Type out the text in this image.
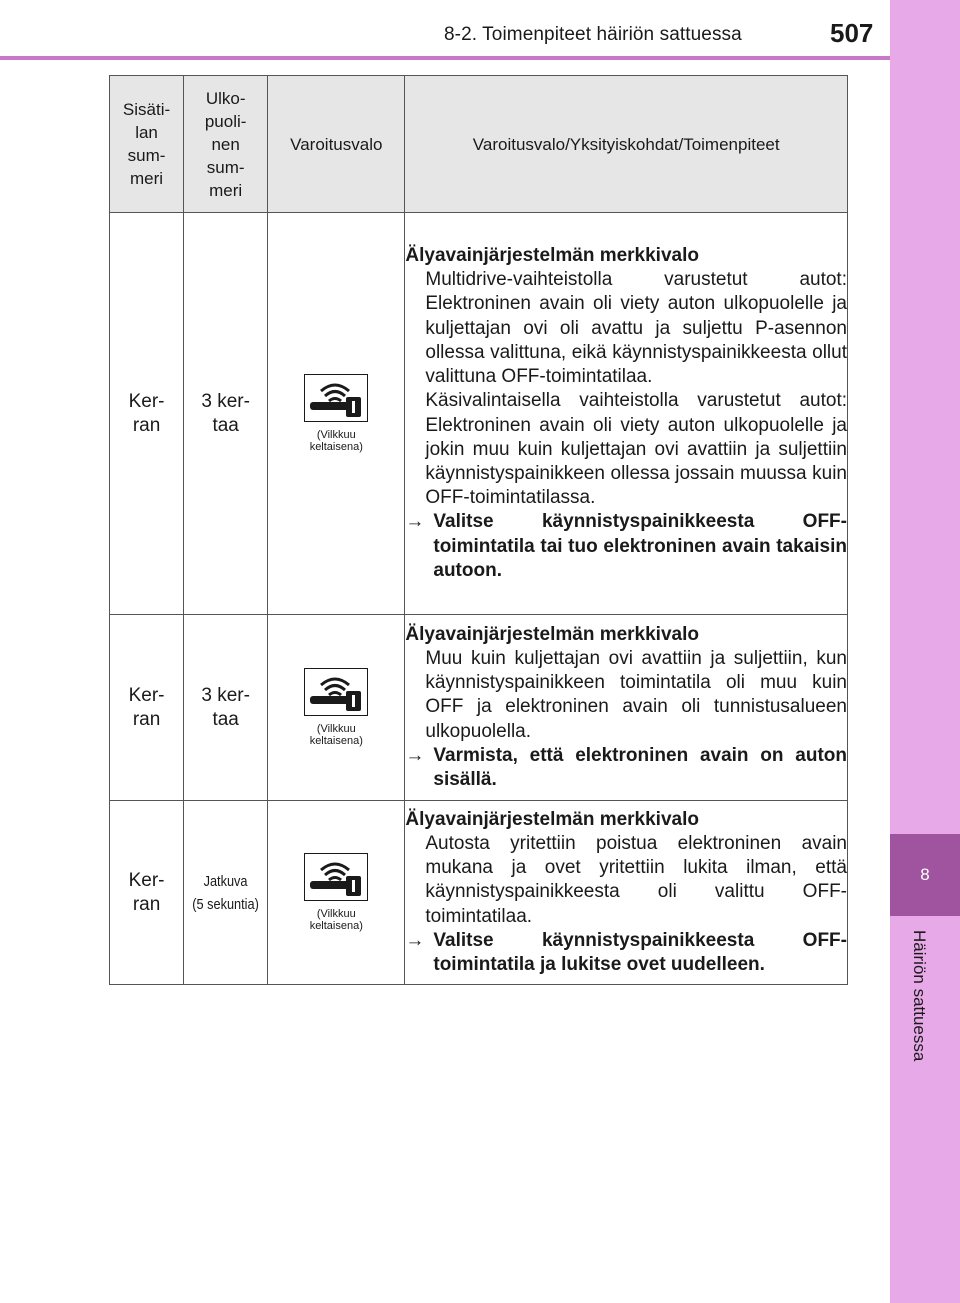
8-2. Toimenpiteet häiriön sattuessa	507
8
Häiriön sattuessa
Sisäti-
lan
sum-
meri	Ulko-
puoli-
nen
sum-
meri	Varoitusvalo	Varoitusvalo/Yksityiskohdat/Toimenpiteet

Ker-
ran	3 ker-
taa	(Vilkkuu
keltaisena)	Älyavainjärjestelmän merkkivalo
Multidrive-vaihteistolla varustetut autot: Elektroninen avain oli viety auton ulkopuolelle ja kuljettajan ovi oli avattu ja suljettu P-asennon ollessa valittuna, eikä käynnistyspainikkeesta ollut valittuna OFF-toimintatilaa.
Käsivalintaisella vaihteistolla varustetut autot: Elektroninen avain oli viety auton ulkopuolelle ja jokin muu kuin kuljettajan ovi avattiin ja suljettiin käynnistyspainikkeen ollessa jossain muussa kuin OFF-toimintatilassa.
→ Valitse käynnistyspainikkeesta OFF-toimintatila tai tuo elektroninen avain takaisin autoon.

Ker-
ran	3 ker-
taa	(Vilkkuu
keltaisena)	Älyavainjärjestelmän merkkivalo
Muu kuin kuljettajan ovi avattiin ja suljettiin, kun käynnistyspainikkeen toimintatila oli muu kuin OFF ja elektroninen avain oli tunnistusalueen ulkopuolella.
→ Varmista, että elektroninen avain on auton sisällä.

Ker-
ran	Jatkuva
(5 sekuntia)	(Vilkkuu
keltaisena)	Älyavainjärjestelmän merkkivalo
Autosta yritettiin poistua elektroninen avain mukana ja ovet yritettiin lukita ilman, että käynnistyspainikkeesta oli valittu OFF-toimintatilaa.
→ Valitse käynnistyspainikkeesta OFF-toimintatila ja lukitse ovet uudelleen.
